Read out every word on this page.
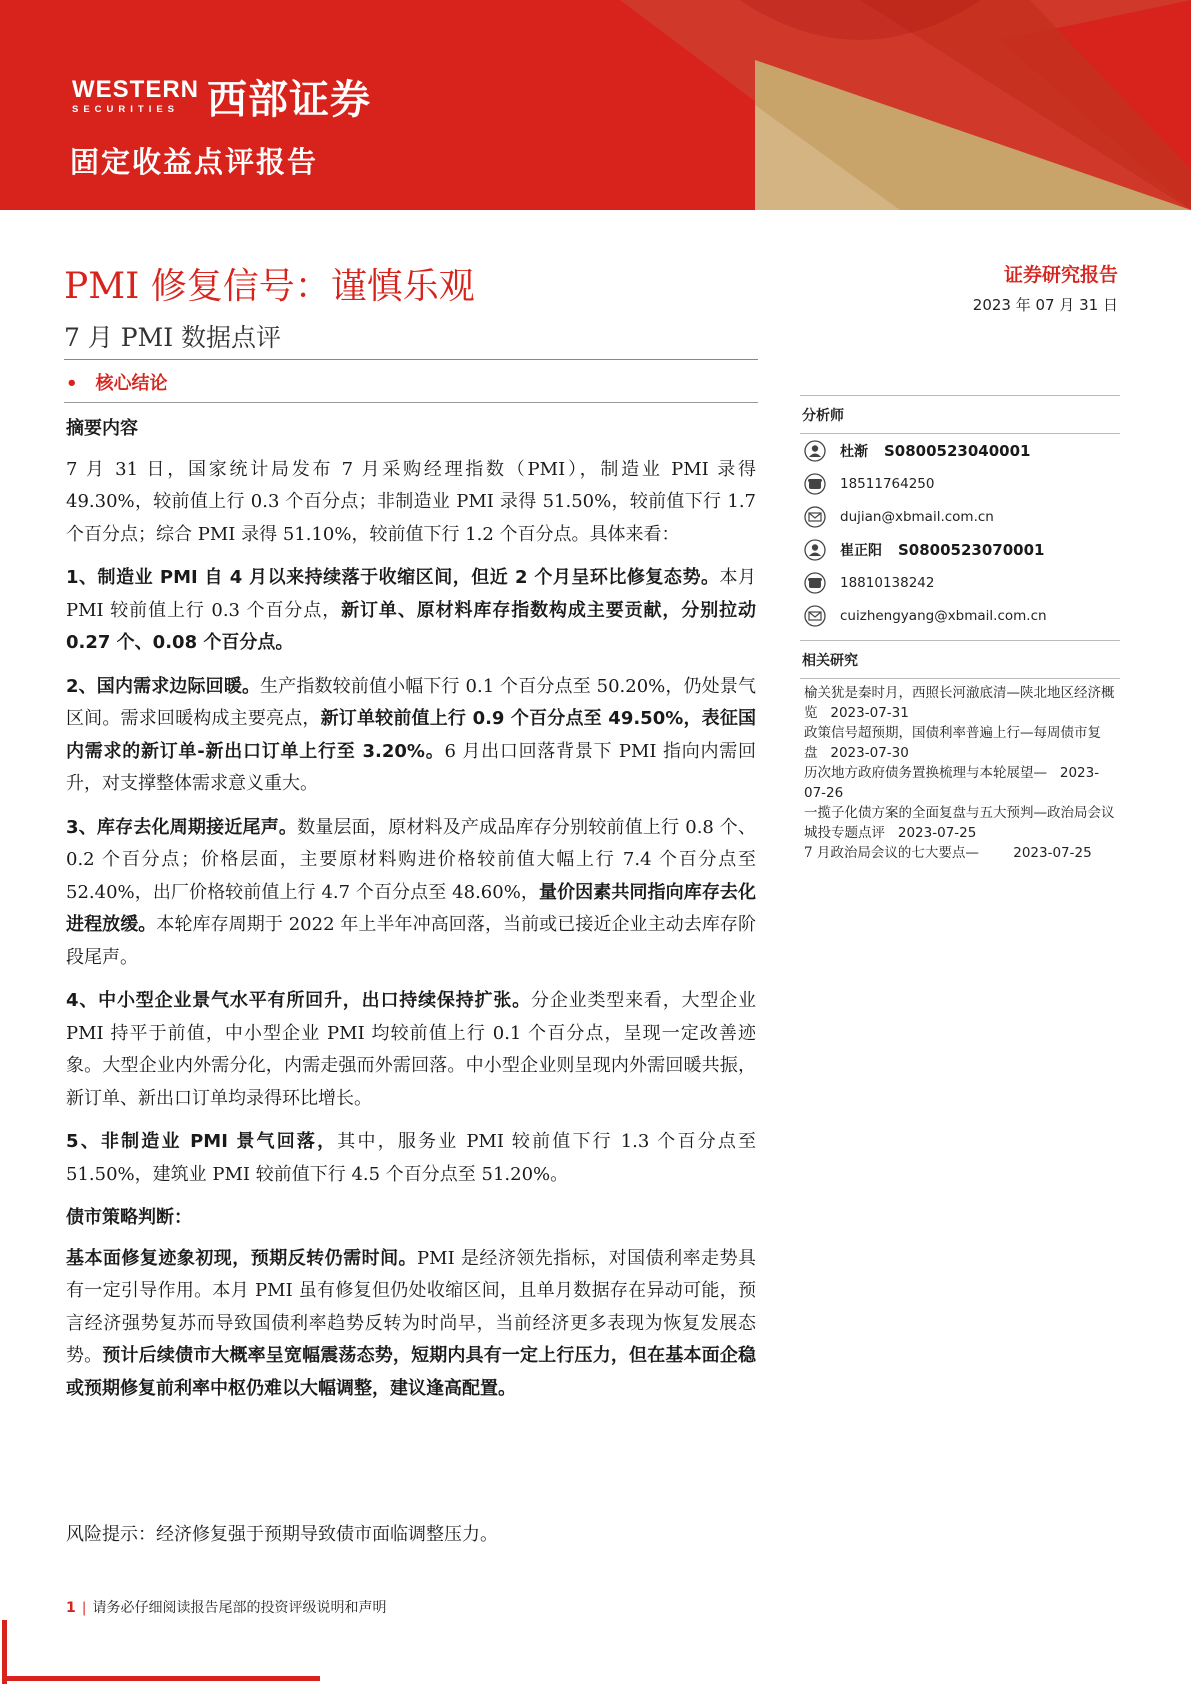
WESTERN
SECURITIES 西部证券
固定收益点评报告
PMI 修复信号：谨慎乐观
7 月 PMI 数据点评
• 核心结论
证券研究报告
2023 年 07 月 31 日

摘要内容

7 月 31 日，国家统计局发布 7 月采购经理指数（PMI），制造业 PMI 录得 49.30%，较前值上行 0.3 个百分点；非制造业 PMI 录得 51.50%，较前值下行 1.7 个百分点；综合 PMI 录得 51.10%，较前值下行 1.2 个百分点。具体来看：

1、制造业 PMI 自 4 月以来持续落于收缩区间，但近 2 个月呈环比修复态势。本月 PMI 较前值上行 0.3 个百分点，新订单、原材料库存指数构成主要贡献，分别拉动 0.27 个、0.08 个百分点。

2、国内需求边际回暖。生产指数较前值小幅下行 0.1 个百分点至 50.20%，仍处景气区间。需求回暖构成主要亮点，新订单较前值上行 0.9 个百分点至 49.50%，表征国内需求的新订单-新出口订单上行至 3.20%。6 月出口回落背景下 PMI 指向内需回升，对支撑整体需求意义重大。

3、库存去化周期接近尾声。数量层面，原材料及产成品库存分别较前值上行 0.8 个、0.2 个百分点；价格层面，主要原材料购进价格较前值大幅上行 7.4 个百分点至 52.40%，出厂价格较前值上行 4.7 个百分点至 48.60%，量价因素共同指向库存去化进程放缓。本轮库存周期于 2022 年上半年冲高回落，当前或已接近企业主动去库存阶段尾声。

4、中小型企业景气水平有所回升，出口持续保持扩张。分企业类型来看，大型企业 PMI 持平于前值，中小型企业 PMI 均较前值上行 0.1 个百分点，呈现一定改善迹象。大型企业内外需分化，内需走强而外需回落。中小型企业则呈现内外需回暖共振，新订单、新出口订单均录得环比增长。

5、非制造业 PMI 景气回落，其中，服务业 PMI 较前值下行 1.3 个百分点至 51.50%，建筑业 PMI 较前值下行 4.5 个百分点至 51.20%。

债市策略判断：

基本面修复迹象初现，预期反转仍需时间。PMI 是经济领先指标，对国债利率走势具有一定引导作用。本月 PMI 虽有修复但仍处收缩区间，且单月数据存在异动可能，预言经济强势复苏而导致国债利率趋势反转为时尚早，当前经济更多表现为恢复发展态势。预计后续债市大概率呈宽幅震荡态势，短期内具有一定上行压力，但在基本面企稳或预期修复前利率中枢仍难以大幅调整，建议逢高配置。

风险提示：经济修复强于预期导致债市面临调整压力。
分析师
杜渐 S0800523040001
18511764250
dujian@xbmail.com.cn
崔正阳 S0800523070001
18810138242
cuizhengyang@xbmail.com.cn
相关研究
榆关犹是秦时月，西照长河澈底清—陕北地区经济概览 2023-07-31
政策信号超预期，国债利率普遍上行—每周债市复盘 2023-07-30
历次地方政府债务置换梳理与本轮展望— 2023-07-26
一揽子化债方案的全面复盘与五大预判—政治局会议城投专题点评 2023-07-25
7 月政治局会议的七大要点—	2023-07-25
1 | 请务必仔细阅读报告尾部的投资评级说明和声明
